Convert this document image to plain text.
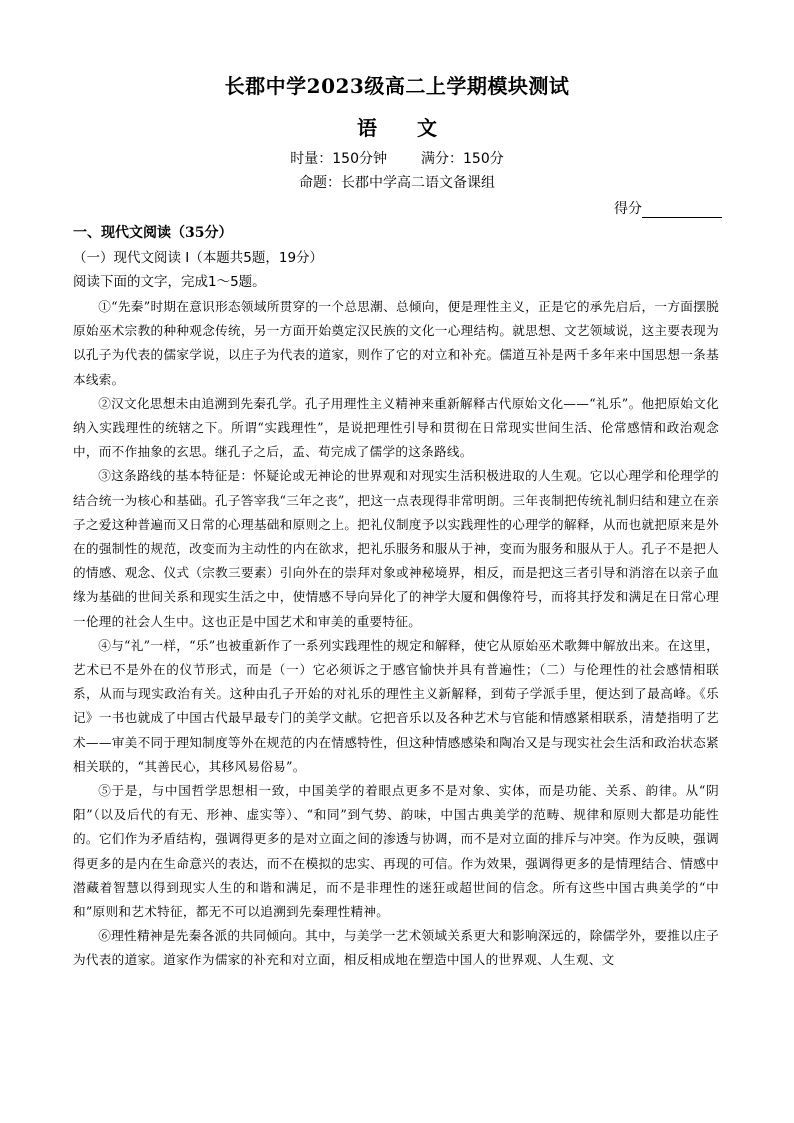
长郡中学2023级高二上学期模块测试
语 文
时量：150分钟 满分：150分
命题：长郡中学高二语文备课组
得分
一、现代文阅读（35分）
（一）现代文阅读 I（本题共5题，19分）
阅读下面的文字，完成1～5题。

①“先秦”时期在意识形态领域所贯穿的一个总思潮、总倾向，便是理性主义，正是它的承先启后，一方面摆脱原始巫术宗教的种种观念传统，另一方面开始奠定汉民族的文化一心理结构。就思想、文艺领域说，这主要表现为以孔子为代表的儒家学说，以庄子为代表的道家，则作了它的对立和补充。儒道互补是两千多年来中国思想一条基本线索。

②汉文化思想未由追溯到先秦孔学。孔子用理性主义精神来重新解释古代原始文化——“礼乐”。他把原始文化纳入实践理性的统辖之下。所谓“实践理性”，是说把理性引导和贯彻在日常现实世间生活、伦常感情和政治观念中，而不作抽象的玄思。继孔子之后，孟、荀完成了儒学的这条路线。

③这条路线的基本特征是：怀疑论或无神论的世界观和对现实生活积极进取的人生观。它以心理学和伦理学的结合统一为核心和基础。孔子答宰我“三年之丧”，把这一点表现得非常明朗。三年丧制把传统礼制归结和建立在亲子之爱这种普遍而又日常的心理基础和原则之上。把礼仪制度予以实践理性的心理学的解释，从而也就把原来是外在的强制性的规范，改变而为主动性的内在欲求，把礼乐服务和服从于神，变而为服务和服从于人。孔子不是把人的情感、观念、仪式（宗教三要素）引向外在的崇拜对象或神秘境界，相反，而是把这三者引导和消溶在以亲子血缘为基础的世间关系和现实生活之中，使情感不导向异化了的神学大厦和偶像符号，而将其抒发和满足在日常心理一伦理的社会人生中。这也正是中国艺术和审美的重要特征。

④与“礼”一样，“乐”也被重新作了一系列实践理性的规定和解释，使它从原始巫术歌舞中解放出来。在这里，艺术已不是外在的仪节形式，而是（一）它必须诉之于感官愉快并具有普遍性；（二）与伦理性的社会感情相联系，从而与现实政治有关。这种由孔子开始的对礼乐的理性主义新解释，到荀子学派手里，便达到了最高峰。《乐记》一书也就成了中国古代最早最专门的美学文献。它把音乐以及各种艺术与官能和情感紧相联系，清楚指明了艺术——审美不同于理知制度等外在规范的内在情感特性，但这种情感感染和陶冶又是与现实社会生活和政治状态紧相关联的，“其善民心，其移风易俗易”。

⑤于是，与中国哲学思想相一致，中国美学的着眼点更多不是对象、实体，而是功能、关系、韵律。从“阴阳”（以及后代的有无、形神、虚实等）、“和同”到气势、韵味，中国古典美学的范畴、规律和原则大都是功能性的。它们作为矛盾结构，强调得更多的是对立面之间的渗透与协调，而不是对立面的排斥与冲突。作为反映，强调得更多的是内在生命意兴的表达，而不在模拟的忠实、再现的可信。作为效果，强调得更多的是情理结合、情感中潜藏着智慧以得到现实人生的和谐和满足，而不是非理性的迷狂或超世间的信念。所有这些中国古典美学的“中和”原则和艺术特征，都无不可以追溯到先秦理性精神。

⑥理性精神是先秦各派的共同倾向。其中，与美学一艺术领域关系更大和影响深远的，除儒学外，要推以庄子为代表的道家。道家作为儒家的补充和对立面，相反相成地在塑造中国人的世界观、人生观、文
